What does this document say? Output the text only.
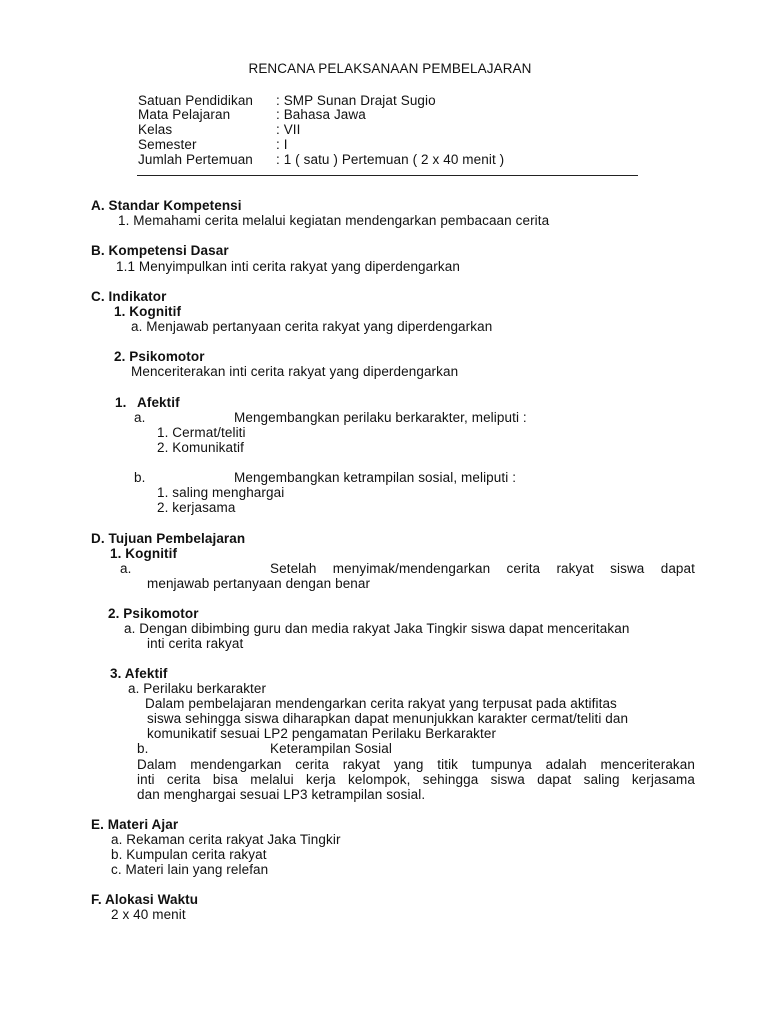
RENCANA PELAKSANAAN PEMBELAJARAN
Satuan Pendidikan : SMP Sunan Drajat Sugio
Mata Pelajaran	: Bahasa Jawa
Kelas	: VII
Semester	: I
Jumlah Pertemuan : 1 ( satu ) Pertemuan ( 2 x 40 menit )
A. Standar Kompetensi
1. Memahami cerita melalui kegiatan mendengarkan pembacaan cerita
B. Kompetensi Dasar
1.1 Menyimpulkan inti cerita rakyat yang diperdengarkan
C. Indikator
1. Kognitif
a. Menjawab pertanyaan cerita rakyat yang diperdengarkan
2. Psikomotor
Menceriterakan inti cerita rakyat yang diperdengarkan
1. Afektif
a.	Mengembangkan perilaku berkarakter, meliputi :
1. Cermat/teliti
2. Komunikatif
b.	Mengembangkan ketrampilan sosial, meliputi :
1. saling menghargai
2. kerjasama
D. Tujuan Pembelajaran
1. Kognitif
a.	Setelah menyimak/mendengarkan cerita rakyat siswa dapat
menjawab pertanyaan dengan benar
2. Psikomotor
a. Dengan dibimbing guru dan media rakyat Jaka Tingkir siswa dapat menceritakan
inti cerita rakyat
3. Afektif
a. Perilaku berkarakter
Dalam pembelajaran mendengarkan cerita rakyat yang terpusat pada aktifitas
siswa sehingga siswa diharapkan dapat menunjukkan karakter cermat/teliti dan
komunikatif sesuai LP2 pengamatan Perilaku Berkarakter
b.	Keterampilan Sosial
Dalam mendengarkan cerita rakyat yang titik tumpunya adalah menceriterakan
inti cerita bisa melalui kerja kelompok, sehingga siswa dapat saling kerjasama
dan menghargai sesuai LP3 ketrampilan sosial.
E. Materi Ajar
a. Rekaman cerita rakyat Jaka Tingkir
b. Kumpulan cerita rakyat
c. Materi lain yang relefan
F. Alokasi Waktu
2 x 40 menit
